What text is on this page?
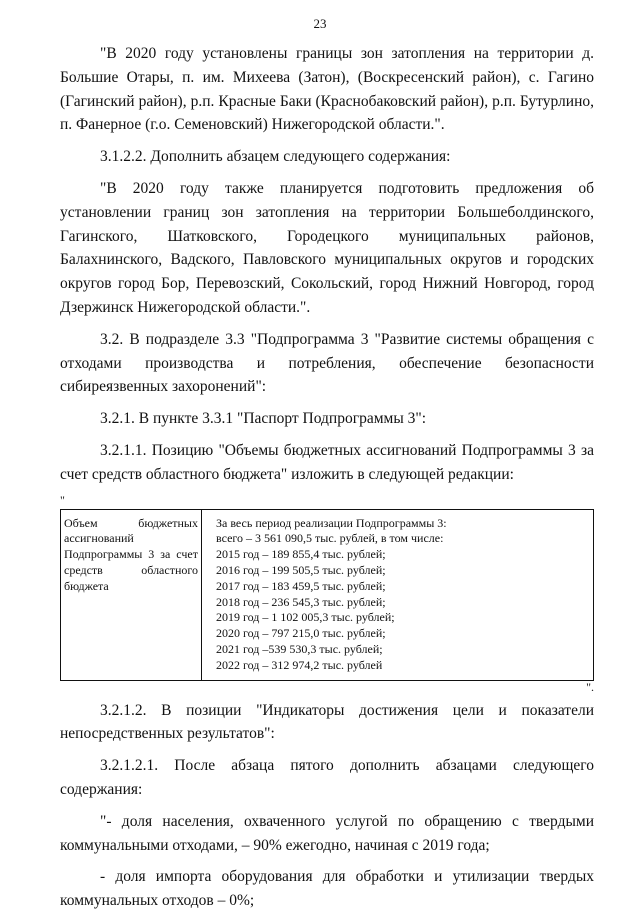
23

"В 2020 году установлены границы зон затопления на территории д. Большие Отары, п. им. Михеева (Затон), (Воскресенский район), с. Гагино (Гагинский район), р.п. Красные Баки (Краснобаковский район), р.п. Бутурлино, п. Фанерное (г.о. Семеновский) Нижегородской области.".

3.1.2.2. Дополнить абзацем следующего содержания:

"В 2020 году также планируется подготовить предложения об установлении границ зон затопления на территории Большеболдинского, Гагинского, Шатковского, Городецкого муниципальных районов, Балахнинского, Вадского, Павловского муниципальных округов и городских округов город Бор, Перевозский, Сокольский, город Нижний Новгород, город Дзержинск Нижегородской области.".

3.2. В подразделе 3.3 "Подпрограмма 3 "Развитие системы обращения с отходами производства и потребления, обеспечение безопасности сибиреязвенных захоронений":

3.2.1. В пункте 3.3.1 "Паспорт Подпрограммы 3":

3.2.1.1. Позицию "Объемы бюджетных ассигнований Подпрограммы 3 за счет средств областного бюджета" изложить в следующей редакции:

"
Объем бюджетных ассигнований Подпрограммы 3 за счет средств областного бюджета	
За весь период реализации Подпрограммы 3:
всего – 3 561 090,5 тыс. рублей, в том числе:
2015 год – 189 855,4 тыс. рублей;
2016 год – 199 505,5 тыс. рублей;
2017 год – 183 459,5 тыс. рублей;
2018 год – 236 545,3 тыс. рублей;
2019 год – 1 102 005,3 тыс. рублей;
2020 год – 797 215,0 тыс. рублей;
2021 год –539 530,3 тыс. рублей;
2022 год – 312 974,2 тыс. рублей
".

3.2.1.2. В позиции "Индикаторы достижения цели и показатели непосредственных результатов":

3.2.1.2.1. После абзаца пятого дополнить абзацами следующего содержания:

"- доля населения, охваченного услугой по обращению с твердыми коммунальными отходами, – 90% ежегодно, начиная с 2019 года;

- доля импорта оборудования для обработки и утилизации твердых коммунальных отходов – 0%;
